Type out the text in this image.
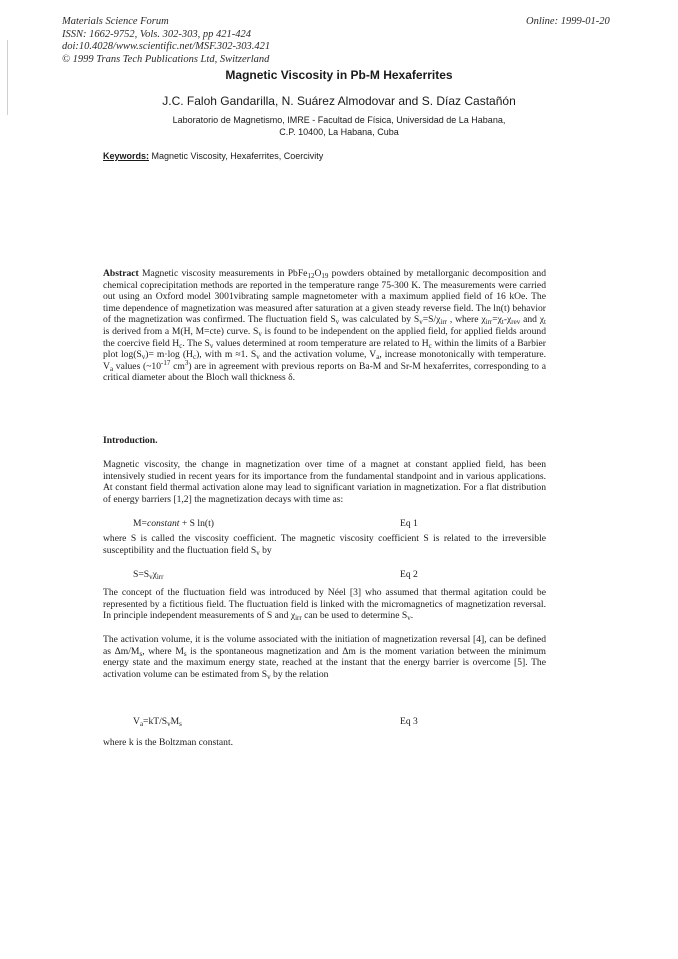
Materials Science Forum
ISSN: 1662-9752, Vols. 302-303, pp 421-424
doi:10.4028/www.scientific.net/MSF.302-303.421
© 1999 Trans Tech Publications Ltd, Switzerland
Online: 1999-01-20
Magnetic Viscosity in Pb-M Hexaferrites
J.C. Faloh Gandarilla, N. Suárez Almodovar and S. Díaz Castañón
Laboratorio de Magnetismo, IMRE - Facultad de Física, Universidad de La Habana,
C.P. 10400, La Habana, Cuba
Keywords: Magnetic Viscosity, Hexaferrites, Coercivity
Abstract Magnetic viscosity measurements in $PbFe_{12}O_{19}$ powders obtained by metallorganic decomposition and chemical coprecipitation methods are reported in the temperature range 75-300 K. The measurements were carried out using an Oxford model 3001vibrating sample magnetometer with a maximum applied field of 16 kOe. The time dependence of magnetization was measured after saturation at a given steady reverse field. The ln(t) behavior of the magnetization was confirmed. The fluctuation field $S_v$ was calculated by $S_v=S/\chi_{irr}$ , where $\chi_{irr}=\chi_t-\chi_{rev}$ and $\chi_t$ is derived from a M(H, M=cte) curve. $S_v$ is found to be independent on the applied field, for applied fields around the coercive field $H_c$. The $S_v$ values determined at room temperature are related to $H_c$ within the limits of a Barbier plot $\log(S_v)= m\cdot\log$ $(H_c)$, with m ≈1. $S_v$ and the activation volume, $V_a$, increase monotonically with temperature. $V_a$ values ($\sim 10^{-17}$ $cm^3$) are in agreement with previous reports on Ba-M and Sr-M hexaferrites, corresponding to a critical diameter about the Bloch wall thickness δ.
Introduction.
Magnetic viscosity, the change in magnetization over time of a magnet at constant applied field, has been intensively studied in recent years for its importance from the fundamental standpoint and in various applications. At constant field thermal activation alone may lead to significant variation in magnetization. For a flat distribution of energy barriers [1,2] the magnetization decays with time as:
M=constant + S ln(t)	Eq 1
where S is called the viscosity coefficient. The magnetic viscosity coefficient S is related to the irreversible susceptibility and the fluctuation field $S_v$ by
$S=S_v\chi_{irr}$	Eq 2
The concept of the fluctuation field was introduced by Néel [3] who assumed that thermal agitation could be represented by a fictitious field. The fluctuation field is linked with the micromagnetics of magnetization reversal. In principle independent measurements of S and $\chi_{irr}$ can be used to determine $S_v$.
The activation volume, it is the volume associated with the initiation of magnetization reversal [4], can be defined as $\Delta m/M_s$, where $M_s$ is the spontaneous magnetization and Δm is the moment variation between the minimum energy state and the maximum energy state, reached at the instant that the energy barrier is overcome [5]. The activation volume can be estimated from $S_v$ by the relation
$V_a=kT/S_vM_s$	Eq 3
where k is the Boltzman constant.
